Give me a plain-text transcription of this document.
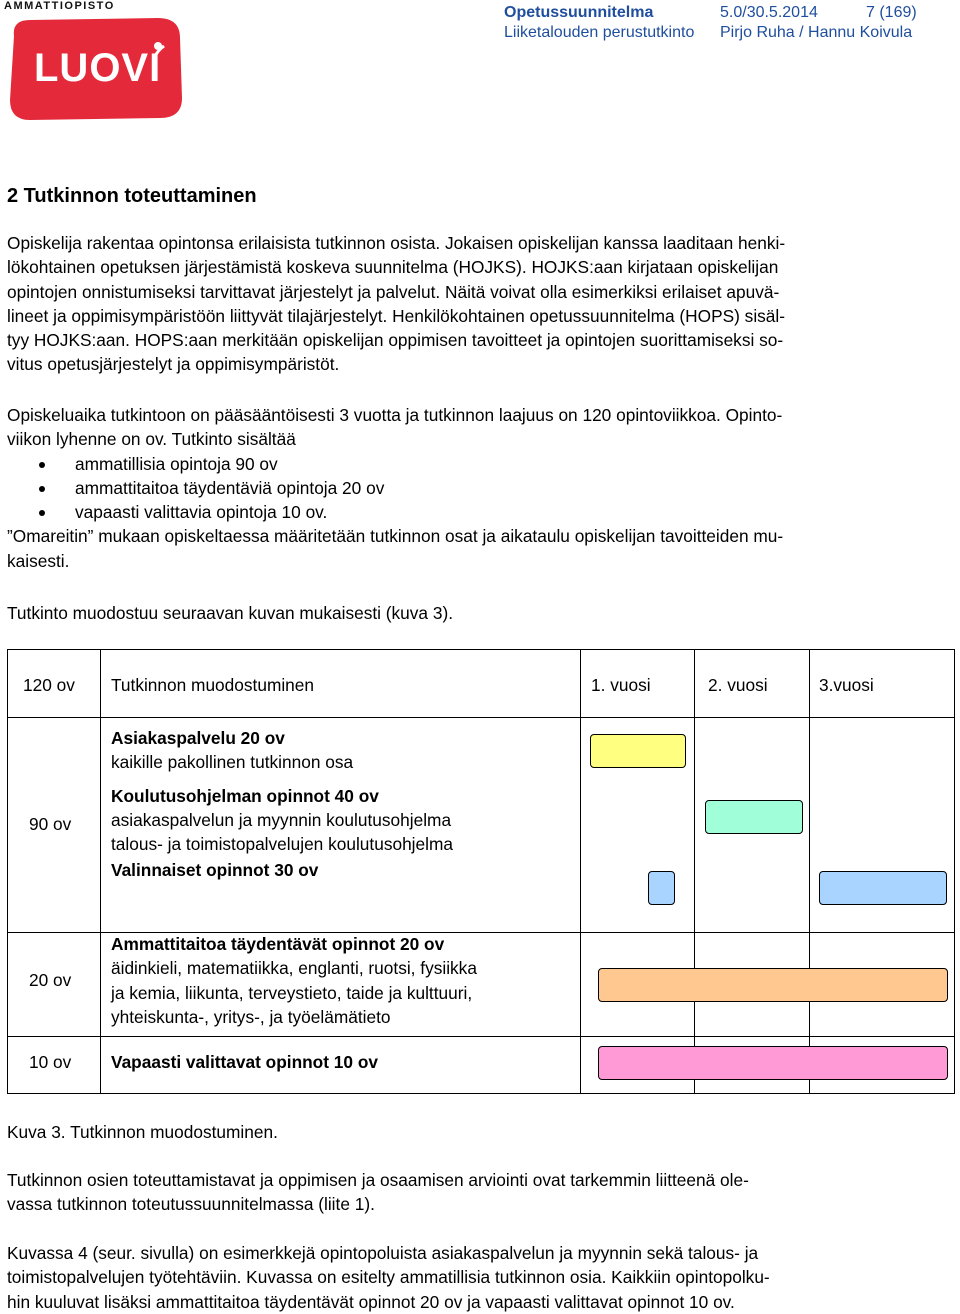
AMMATTIOPISTO
LUOVI
Opetussuunnitelma	5.0/30.5.2014	7 (169)
Liiketalouden perustutkinto Pirjo Ruha / Hannu Koivula
2 Tutkinnon toteuttaminen
Opiskelija rakentaa opintonsa erilaisista tutkinnon osista. Jokaisen opiskelijan kanssa laaditaan henki-
lökohtainen opetuksen järjestämistä koskeva suunnitelma (HOJKS). HOJKS:aan kirjataan opiskelijan
opintojen onnistumiseksi tarvittavat järjestelyt ja palvelut. Näitä voivat olla esimerkiksi erilaiset apuvä-
lineet ja oppimisympäristöön liittyvät tilajärjestelyt. Henkilökohtainen opetussuunnitelma (HOPS) sisäl-
tyy HOJKS:aan. HOPS:aan merkitään opiskelijan oppimisen tavoitteet ja opintojen suorittamiseksi so-
vitus opetusjärjestelyt ja oppimisympäristöt.
Opiskeluaika tutkintoon on pääsääntöisesti 3 vuotta ja tutkinnon laajuus on 120 opintoviikkoa. Opinto-
viikon lyhenne on ov. Tutkinto sisältää
ammatillisia opintoja 90 ov
ammattitaitoa täydentäviä opintoja 20 ov
vapaasti valittavia opintoja 10 ov.
”Omareitin” mukaan opiskeltaessa määritetään tutkinnon osat ja aikataulu opiskelijan tavoitteiden mu-
kaisesti.
Tutkinto muodostuu seuraavan kuvan mukaisesti (kuva 3).
120 ov Tutkinnon muodostuminen	1. vuosi	2. vuosi	3.vuosi
90 ov
Asiakaspalvelu 20 ov
kaikille pakollinen tutkinnon osa
Koulutusohjelman opinnot 40 ov
asiakaspalvelun ja myynnin koulutusohjelma
talous- ja toimistopalvelujen koulutusohjelma
Valinnaiset opinnot 30 ov
20 ov
Ammattitaitoa täydentävät opinnot 20 ov
äidinkieli, matematiikka, englanti, ruotsi, fysiikka
ja kemia, liikunta, terveystieto, taide ja kulttuuri,
yhteiskunta-, yritys-, ja työelämätieto
10 ov Vapaasti valittavat opinnot 10 ov
Kuva 3. Tutkinnon muodostuminen.
Tutkinnon osien toteuttamistavat ja oppimisen ja osaamisen arviointi ovat tarkemmin liitteenä ole-
vassa tutkinnon toteutussuunnitelmassa (liite 1).
Kuvassa 4 (seur. sivulla) on esimerkkejä opintopoluista asiakaspalvelun ja myynnin sekä talous- ja
toimistopalvelujen työtehtäviin. Kuvassa on esitelty ammatillisia tutkinnon osia. Kaikkiin opintopolku-
hin kuuluvat lisäksi ammattitaitoa täydentävät opinnot 20 ov ja vapaasti valittavat opinnot 10 ov.
